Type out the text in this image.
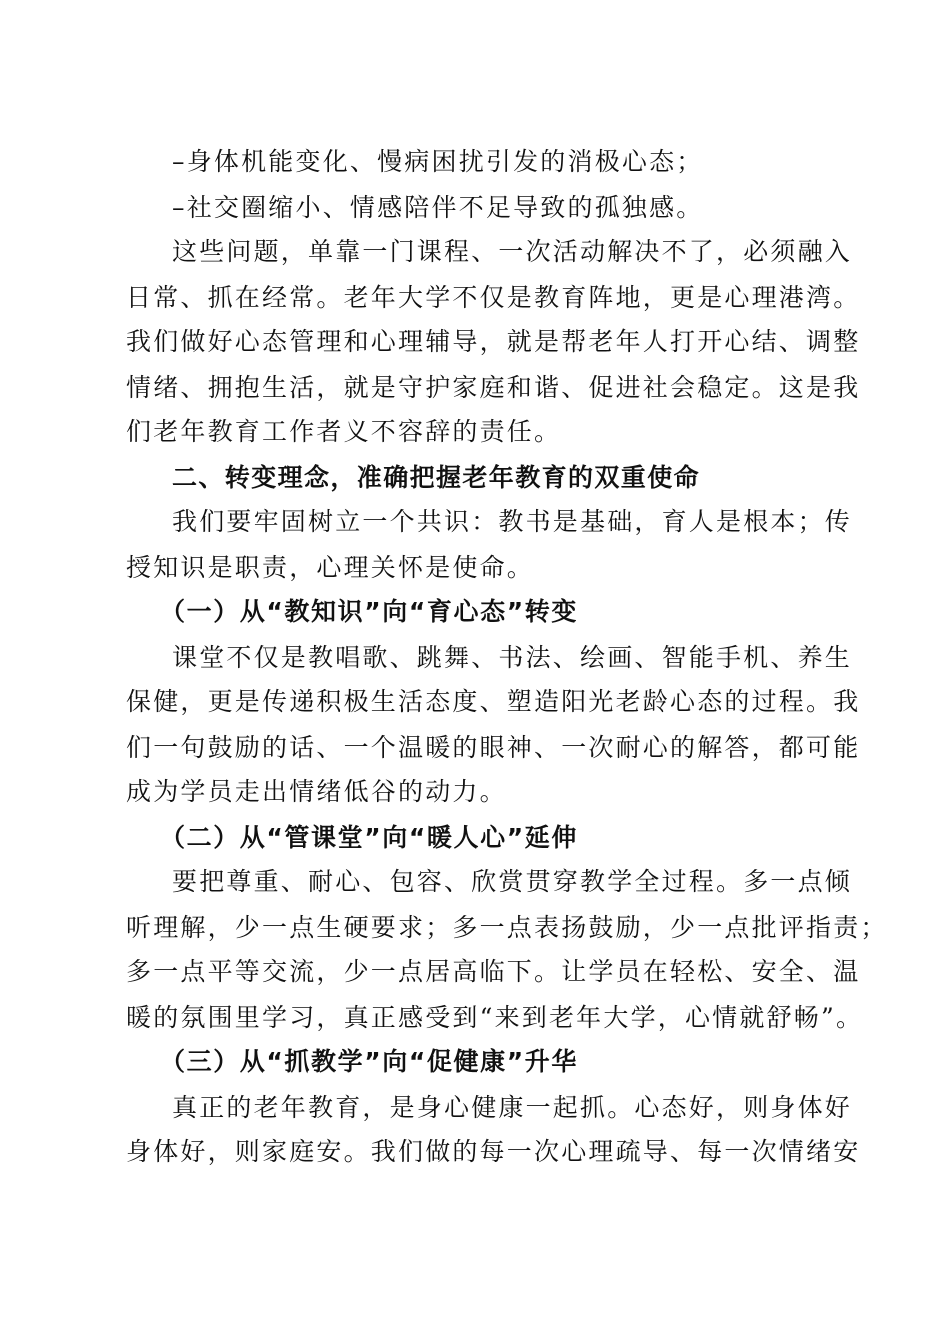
–身体机能变化、慢病困扰引发的消极心态；
–社交圈缩小、情感陪伴不足导致的孤独感。
这些问题，单靠一门课程、一次活动解决不了，必须融入
日常、抓在经常。老年大学不仅是教育阵地，更是心理港湾。
我们做好心态管理和心理辅导，就是帮老年人打开心结、调整
情绪、拥抱生活，就是守护家庭和谐、促进社会稳定。这是我
们老年教育工作者义不容辞的责任。
二、转变理念，准确把握老年教育的双重使命
我们要牢固树立一个共识：教书是基础，育人是根本；传
授知识是职责，心理关怀是使命。
（一）从“教知识”向“育心态”转变
课堂不仅是教唱歌、跳舞、书法、绘画、智能手机、养生
保健，更是传递积极生活态度、塑造阳光老龄心态的过程。我
们一句鼓励的话、一个温暖的眼神、一次耐心的解答，都可能
成为学员走出情绪低谷的动力。
（二）从“管课堂”向“暖人心”延伸
要把尊重、耐心、包容、欣赏贯穿教学全过程。多一点倾
听理解，少一点生硬要求；多一点表扬鼓励，少一点批评指责；
多一点平等交流，少一点居高临下。让学员在轻松、安全、温
暖的氛围里学习，真正感受到“来到老年大学，心情就舒畅”。
（三）从“抓教学”向“促健康”升华
真正的老年教育，是身心健康一起抓。心态好，则身体好
身体好，则家庭安。我们做的每一次心理疏导、每一次情绪安
